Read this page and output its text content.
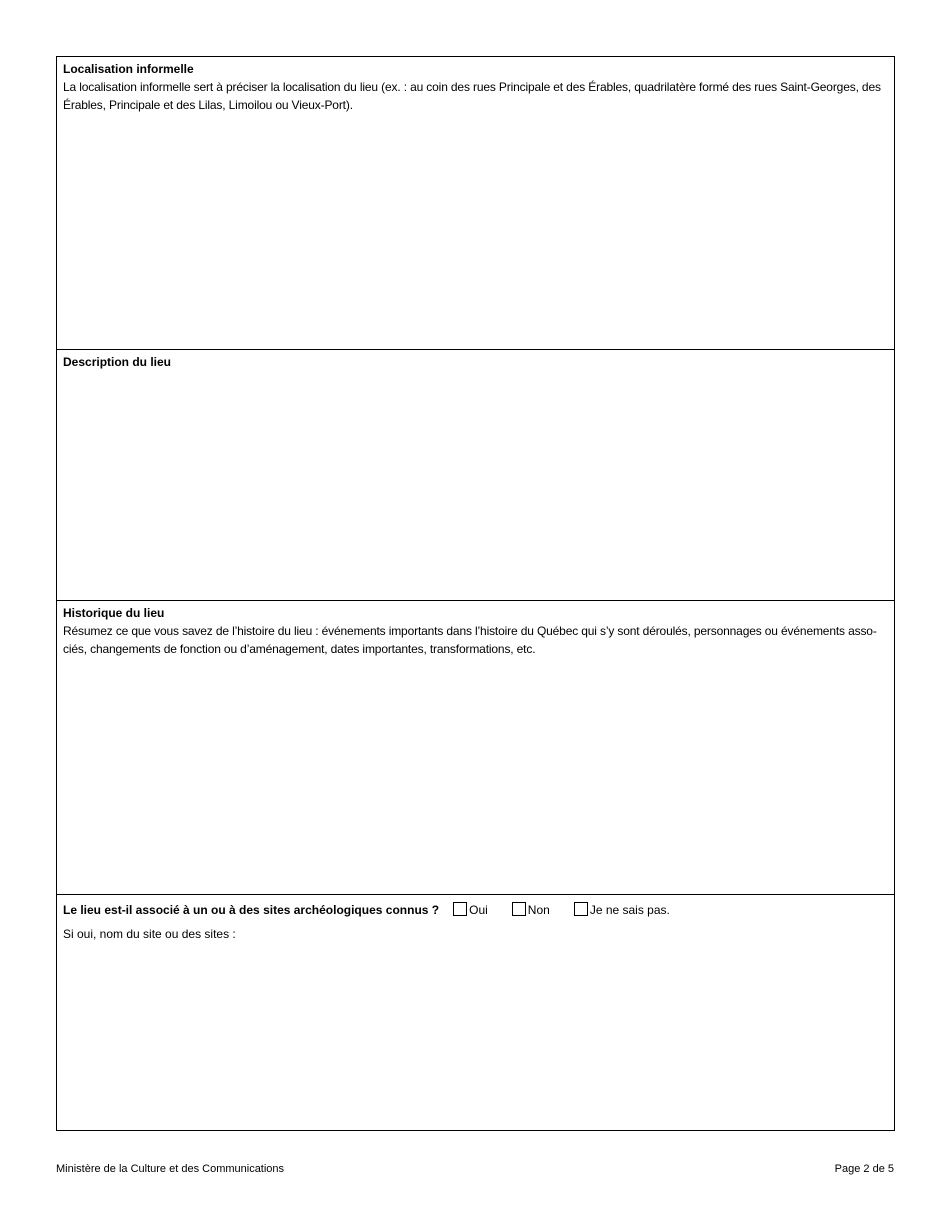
Localisation informelle
La localisation informelle sert à préciser la localisation du lieu (ex. : au coin des rues Principale et des Érables, quadrilatère formé des rues Saint-Georges, des Érables, Principale et des Lilas, Limoilou ou Vieux-Port).
Description du lieu
Historique du lieu
Résumez ce que vous savez de l’histoire du lieu : événements importants dans l’histoire du Québec qui s’y sont déroulés, personnages ou événements associés, changements de fonction ou d’aménagement, dates importantes, transformations, etc.
Le lieu est-il associé à un ou à des sites archéologiques connus ?	Oui	Non	Je ne sais pas.
Si oui, nom du site ou des sites :
Ministère de la Culture et des Communications	Page 2 de 5
